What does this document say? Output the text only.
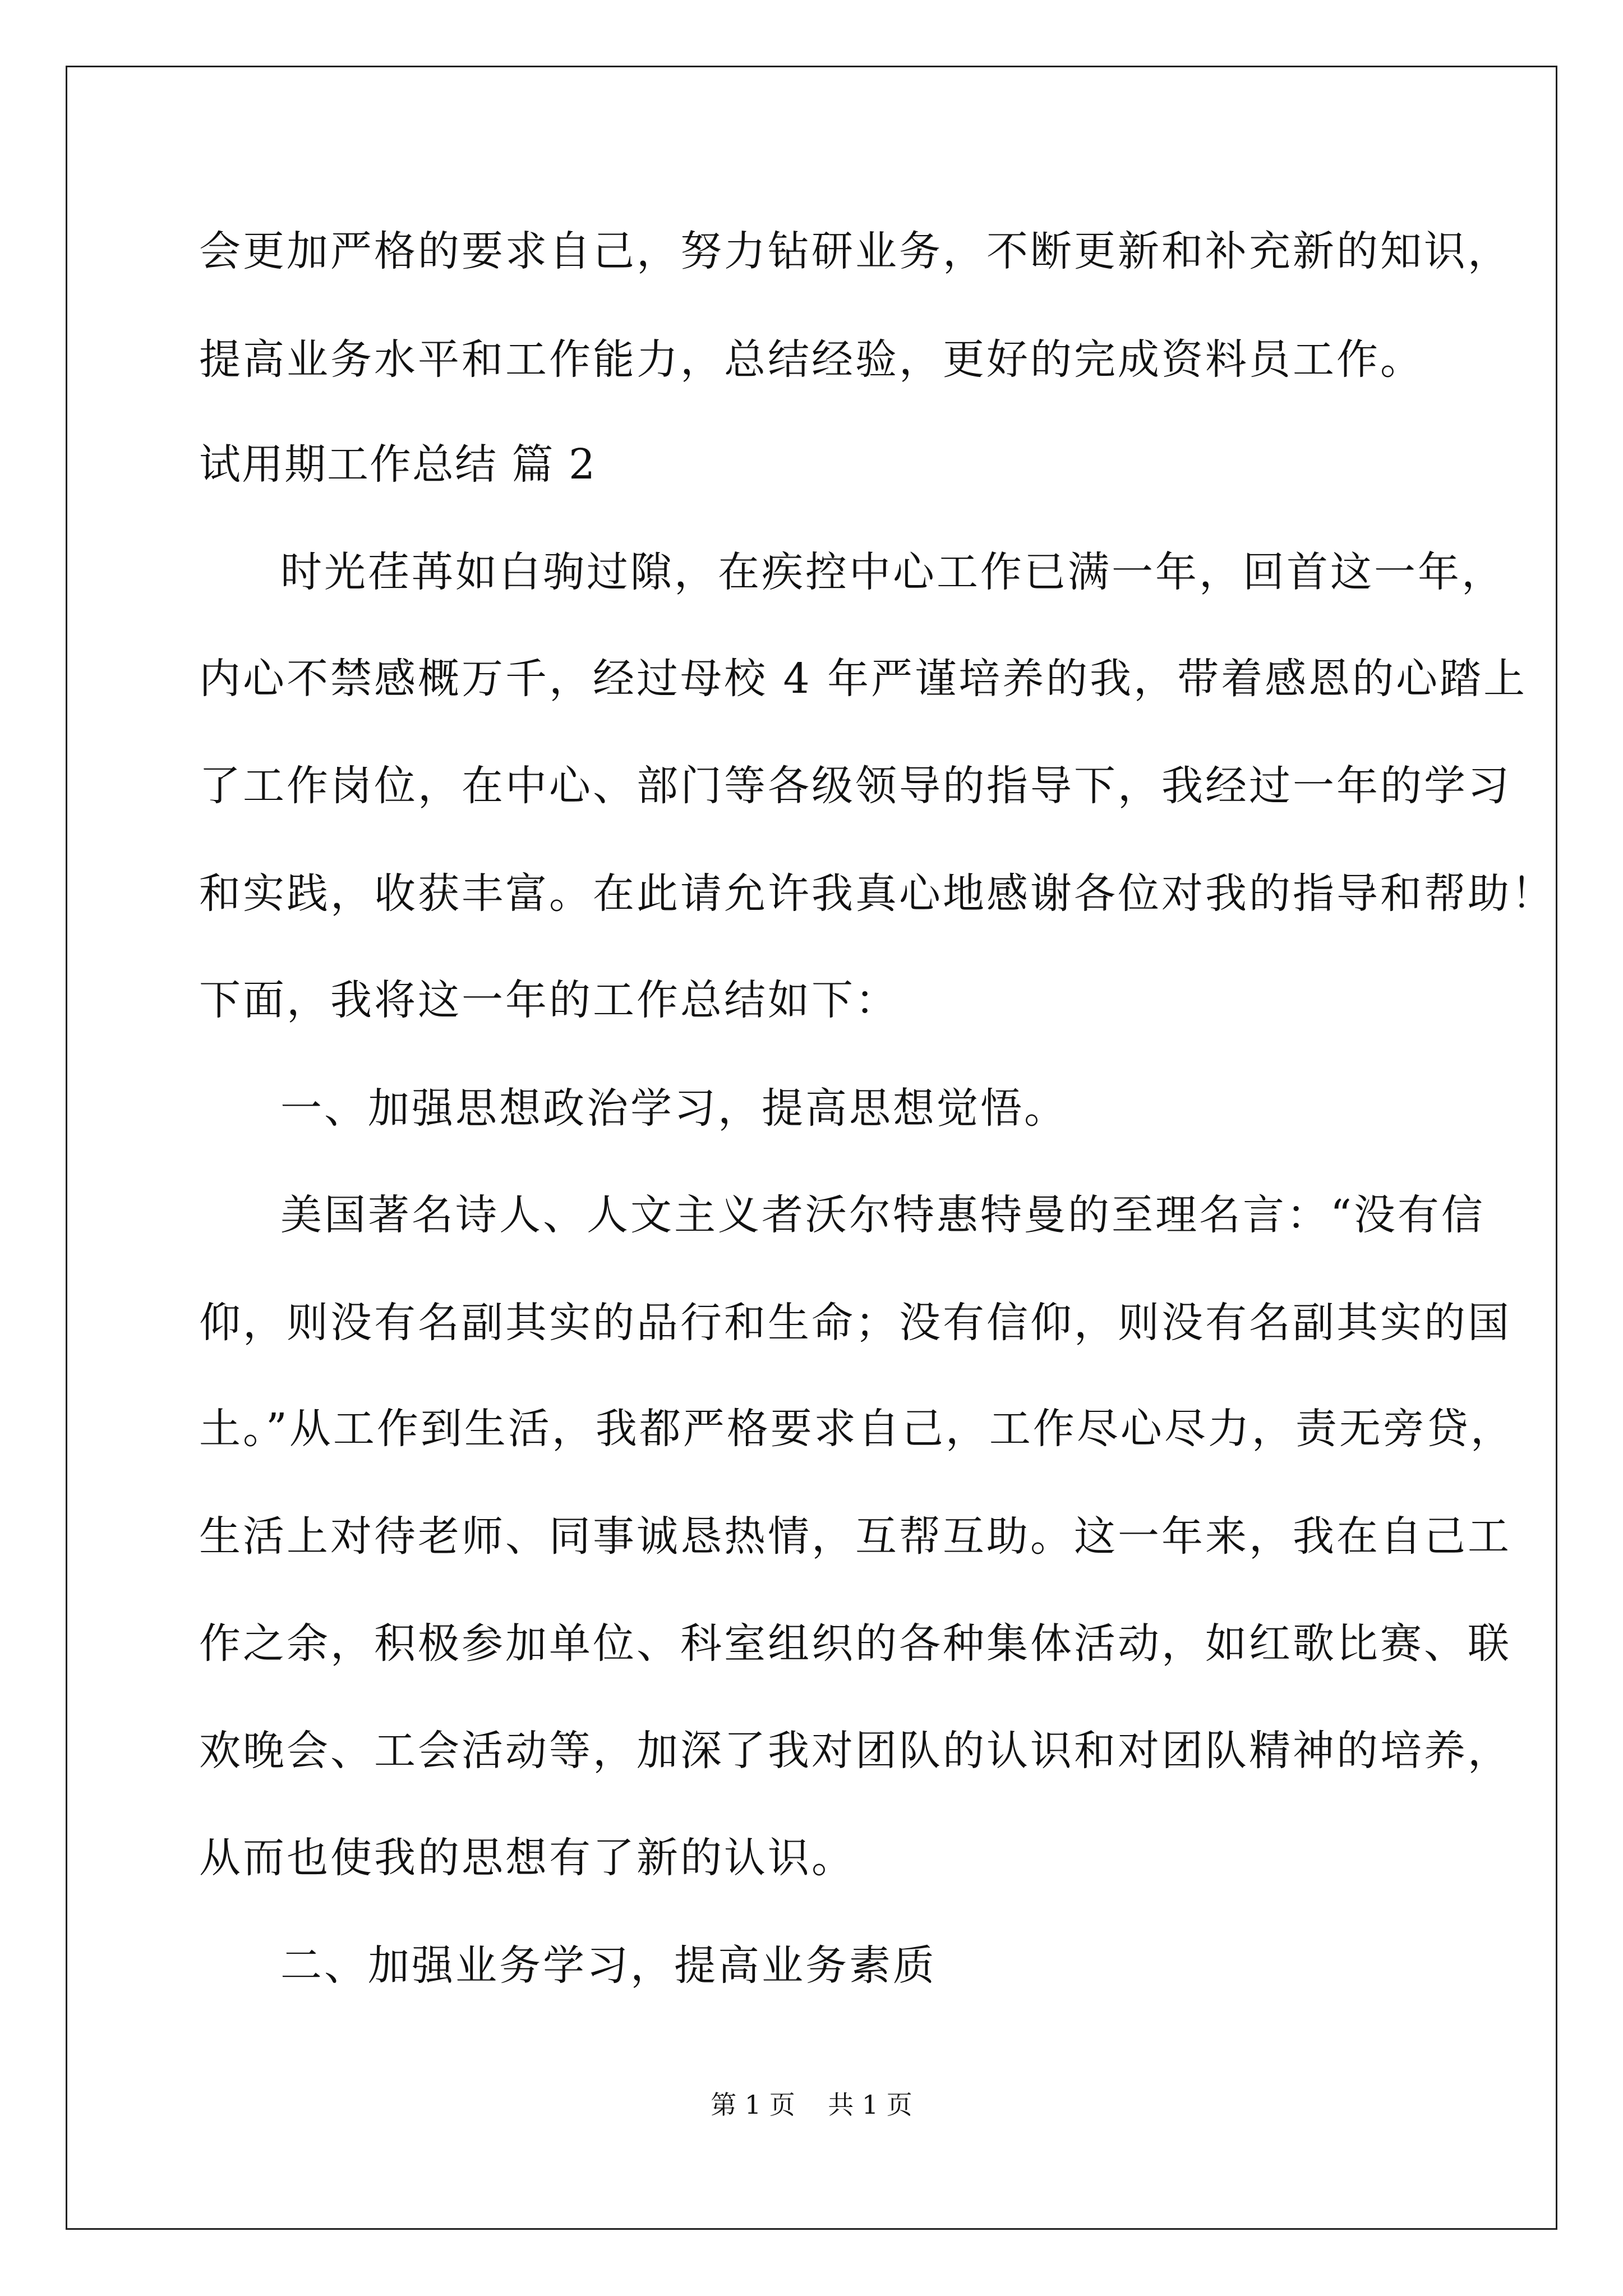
会更加严格的要求自己，努力钻研业务，不断更新和补充新的知识，
提高业务水平和工作能力，总结经验，更好的完成资料员工作。
试用期工作总结 篇 2
时光荏苒如白驹过隙，在疾控中心工作已满一年，回首这一年，
内心不禁感概万千，经过母校 4 年严谨培养的我，带着感恩的心踏上
了工作岗位，在中心、部门等各级领导的指导下，我经过一年的学习
和实践，收获丰富。在此请允许我真心地感谢各位对我的指导和帮助！
下面，我将这一年的工作总结如下：
一、加强思想政治学习，提高思想觉悟。
美国著名诗人、人文主义者沃尔特惠特曼的至理名言：“没有信
仰，则没有名副其实的品行和生命；没有信仰，则没有名副其实的国
土。”从工作到生活，我都严格要求自己，工作尽心尽力，责无旁贷，
生活上对待老师、同事诚恳热情，互帮互助。这一年来，我在自己工
作之余，积极参加单位、科室组织的各种集体活动，如红歌比赛、联
欢晚会、工会活动等，加深了我对团队的认识和对团队精神的培养，
从而也使我的思想有了新的认识。
二、加强业务学习，提高业务素质
第 1 页    共 1 页
